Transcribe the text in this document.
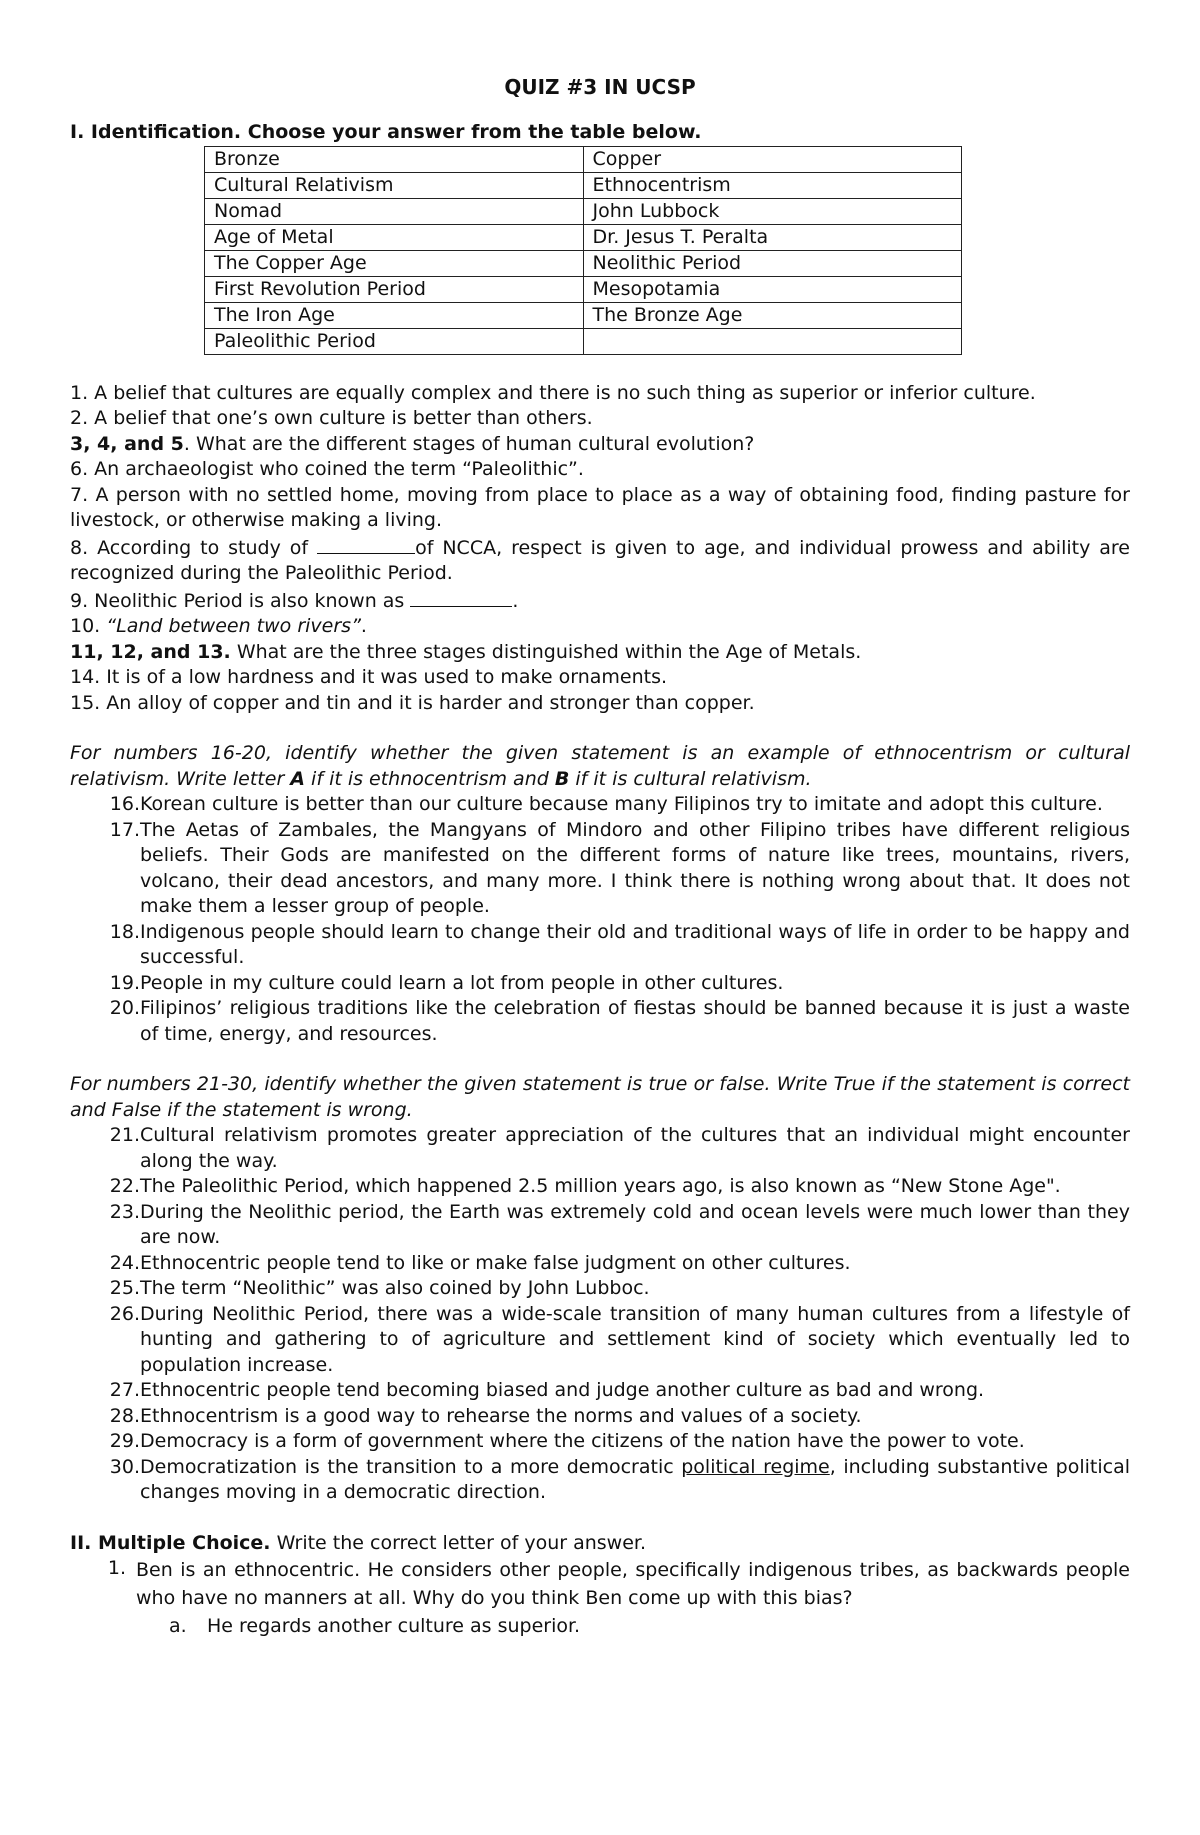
QUIZ #3 IN UCSP
I. Identification. Choose your answer from the table below.
Bronze	Copper
Cultural Relativism	Ethnocentrism
Nomad	John Lubbock
Age of Metal	Dr. Jesus T. Peralta
The Copper Age	Neolithic Period
First Revolution Period	Mesopotamia
The Iron Age	The Bronze Age
Paleolithic Period	
1. A belief that cultures are equally complex and there is no such thing as superior or inferior culture.
2. A belief that one’s own culture is better than others.
3, 4, and 5. What are the different stages of human cultural evolution?
6. An archaeologist who coined the term “Paleolithic”.
7. A person with no settled home, moving from place to place as a way of obtaining food, finding pasture for livestock, or otherwise making a living.
8. According to study of	of NCCA, respect is given to age, and individual prowess and ability are recognized during the Paleolithic Period.
9. Neolithic Period is also known as	.
10. “Land between two rivers”.
11, 12, and 13. What are the three stages distinguished within the Age of Metals.
14. It is of a low hardness and it was used to make ornaments.
15. An alloy of copper and tin and it is harder and stronger than copper.
For numbers 16-20, identify whether the given statement is an example of ethnocentrism or cultural relativism. Write letter A if it is ethnocentrism and B if it is cultural relativism.
16. Korean culture is better than our culture because many Filipinos try to imitate and adopt this culture.
17. The Aetas of Zambales, the Mangyans of Mindoro and other Filipino tribes have different religious beliefs. Their Gods are manifested on the different forms of nature like trees, mountains, rivers, volcano, their dead ancestors, and many more. I think there is nothing wrong about that. It does not make them a lesser group of people.
18. Indigenous people should learn to change their old and traditional ways of life in order to be happy and successful.
19. People in my culture could learn a lot from people in other cultures.
20. Filipinos’ religious traditions like the celebration of fiestas should be banned because it is just a waste of time, energy, and resources.
For numbers 21-30, identify whether the given statement is true or false. Write True if the statement is correct and False if the statement is wrong.
21. Cultural relativism promotes greater appreciation of the cultures that an individual might encounter along the way.
22. The Paleolithic Period, which happened 2.5 million years ago, is also known as “New Stone Age".
23. During the Neolithic period, the Earth was extremely cold and ocean levels were much lower than they are now.
24. Ethnocentric people tend to like or make false judgment on other cultures.
25. The term “Neolithic” was also coined by John Lubboc.
26. During Neolithic Period, there was a wide-scale transition of many human cultures from a lifestyle of hunting and gathering to of agriculture and settlement kind of society which eventually led to population increase.
27. Ethnocentric people tend becoming biased and judge another culture as bad and wrong.
28. Ethnocentrism is a good way to rehearse the norms and values of a society.
29. Democracy is a form of government where the citizens of the nation have the power to vote.
30. Democratization is the transition to a more democratic political regime, including substantive political changes moving in a democratic direction.
II. Multiple Choice. Write the correct letter of your answer.
1. Ben is an ethnocentric. He considers other people, specifically indigenous tribes, as backwards people who have no manners at all. Why do you think Ben come up with this bias?
a.	He regards another culture as superior.
